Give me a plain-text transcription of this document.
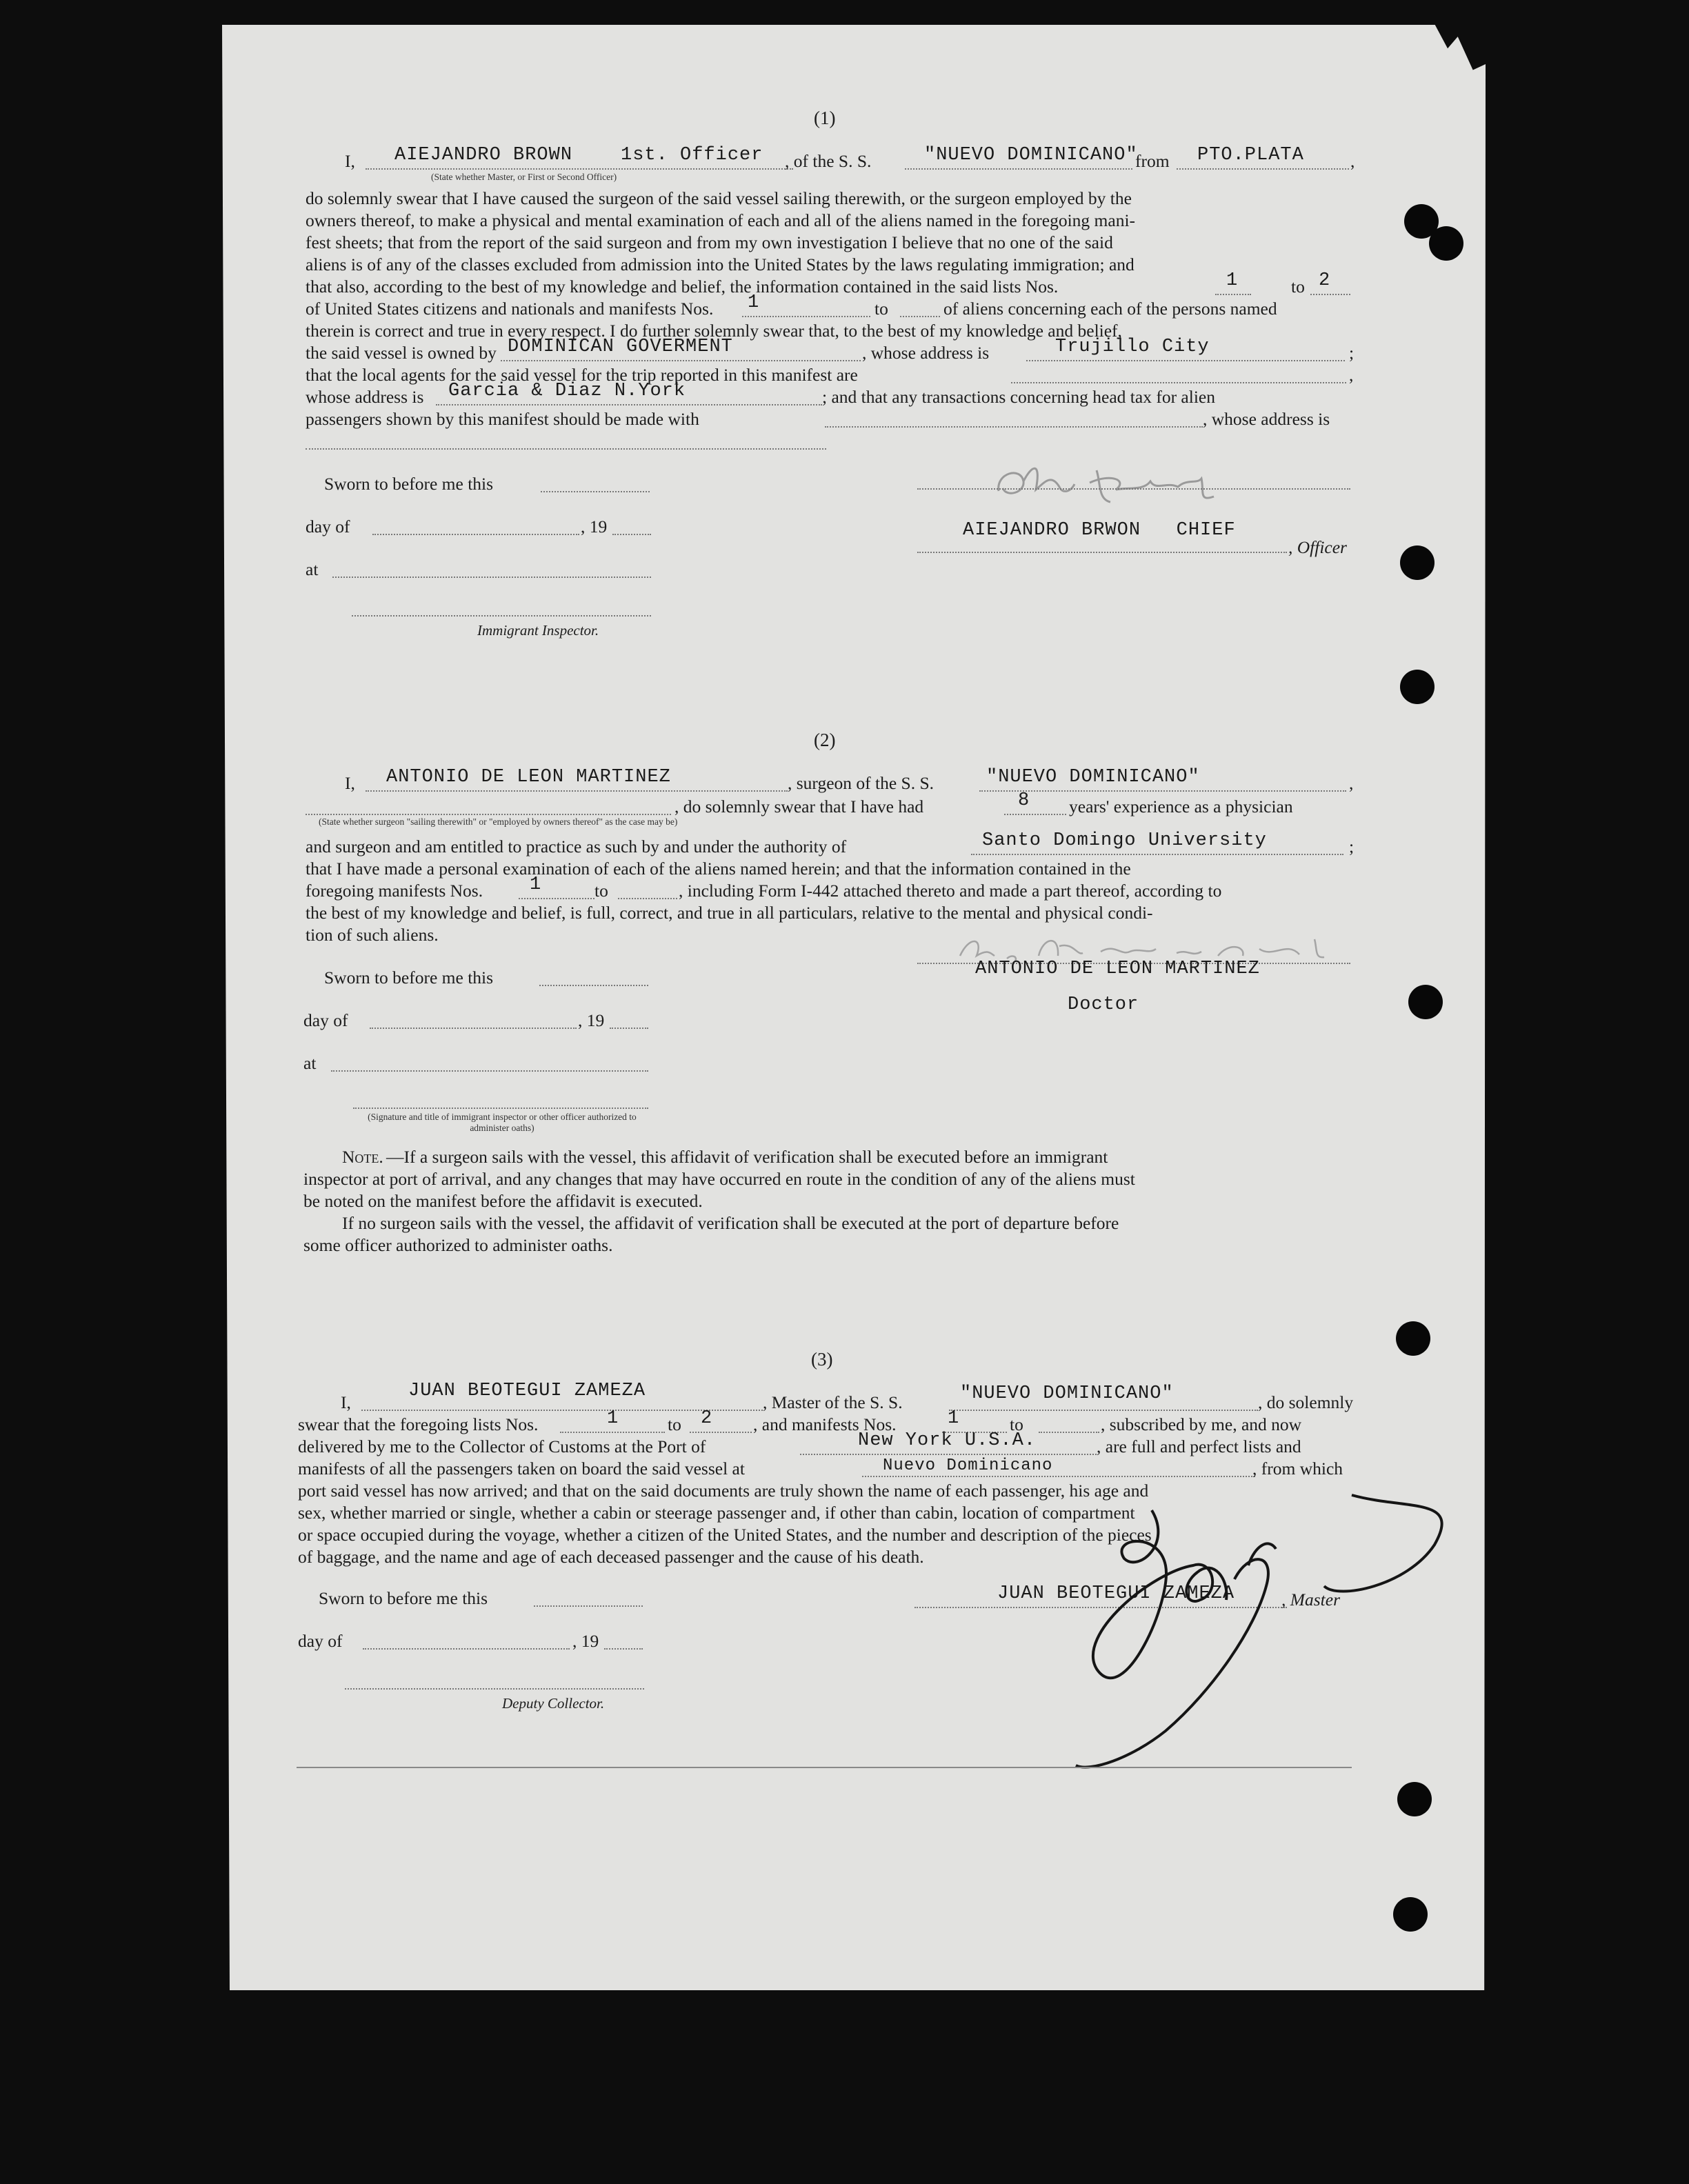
(1)
I, AIEJANDRO BROWN	1st. Officer , of the S. S.	"NUEVO DOMINICANO"
from PTO.PLATA	,
(State whether Master, or First or Second Officer)
do solemnly swear that I have caused the surgeon of the said vessel sailing therewith, or the surgeon employed by the
owners thereof, to make a physical and mental examination of each and all of the aliens named in the foregoing mani-
fest sheets; that from the report of the said surgeon and from my own investigation I believe that no one of the said
aliens is of any of the classes excluded from admission into the United States by the laws regulating immigration; and
that also, according to the best of my knowledge and belief, the information contained in the said lists Nos.	1	to 2
of United States citizens and nationals and manifests Nos. 1	to	of aliens concerning each of the persons named
therein is correct and true in every respect. I do further solemnly swear that, to the best of my knowledge and belief,
the said vessel is owned by DOMINICAN GOVERMENT	, whose address is	Trujillo City	;
that the local agents for the said vessel for the trip reported in this manifest are	,
whose address is Garcia & Diaz N.York	; and that any transactions concerning head tax for alien
passengers shown by this manifest should be made with	, whose address is
Sworn to before me this
day of	, 19
at
Immigrant Inspector.
AIEJANDRO BRWON   CHIEF
, Officer
(2)
I, ANTONIO DE LEON MARTINEZ	, surgeon of the S. S.	"NUEVO DOMINICANO"	,
, do solemnly swear that I have had	8 years' experience as a physician
(State whether surgeon "sailing therewith" or "employed by owners thereof" as the case may be)
and surgeon and am entitled to practice as such by and under the authority of	Santo Domingo University	;
that I have made a personal examination of each of the aliens named herein; and that the information contained in the
foregoing manifests Nos.	1	to	, including Form I-442 attached thereto and made a part thereof, according to
the best of my knowledge and belief, is full, correct, and true in all particulars, relative to the mental and physical condi-
tion of such aliens.
ANTONIO DE LEON MARTINEZ
Doctor
Sworn to before me this
day of	, 19
at
(Signature and title of immigrant inspector or other officer authorized to administer oaths)
Note. —If a surgeon sails with the vessel, this affidavit of verification shall be executed before an immigrant
inspector at port of arrival, and any changes that may have occurred en route in the condition of any of the aliens must
be noted on the manifest before the affidavit is executed.
If no surgeon sails with the vessel, the affidavit of verification shall be executed at the port of departure before
some officer authorized to administer oaths.
(3)
I,
JUAN BEOTEGUI ZAMEZA
, Master of the S. S.	"NUEVO DOMINICANO"	, do solemnly
swear that the foregoing lists Nos.	1	to 2 , and manifests Nos.	1	to	, subscribed by me, and now
delivered by me to the Collector of Customs at the Port of	New York U.S.A.	, are full and perfect lists and
manifests of all the passengers taken on board the said vessel at	Nuevo Dominicano	, from which
port said vessel has now arrived; and that on the said documents are truly shown the name of each passenger, his age and
sex, whether married or single, whether a cabin or steerage passenger and, if other than cabin, location of compartment
or space occupied during the voyage, whether a citizen of the United States, and the number and description of the pieces
of baggage, and the name and age of each deceased passenger and the cause of his death.
Sworn to before me this
day of	, 19
Deputy Collector.
JUAN BEOTEGUI ZAMEZA	, Master
